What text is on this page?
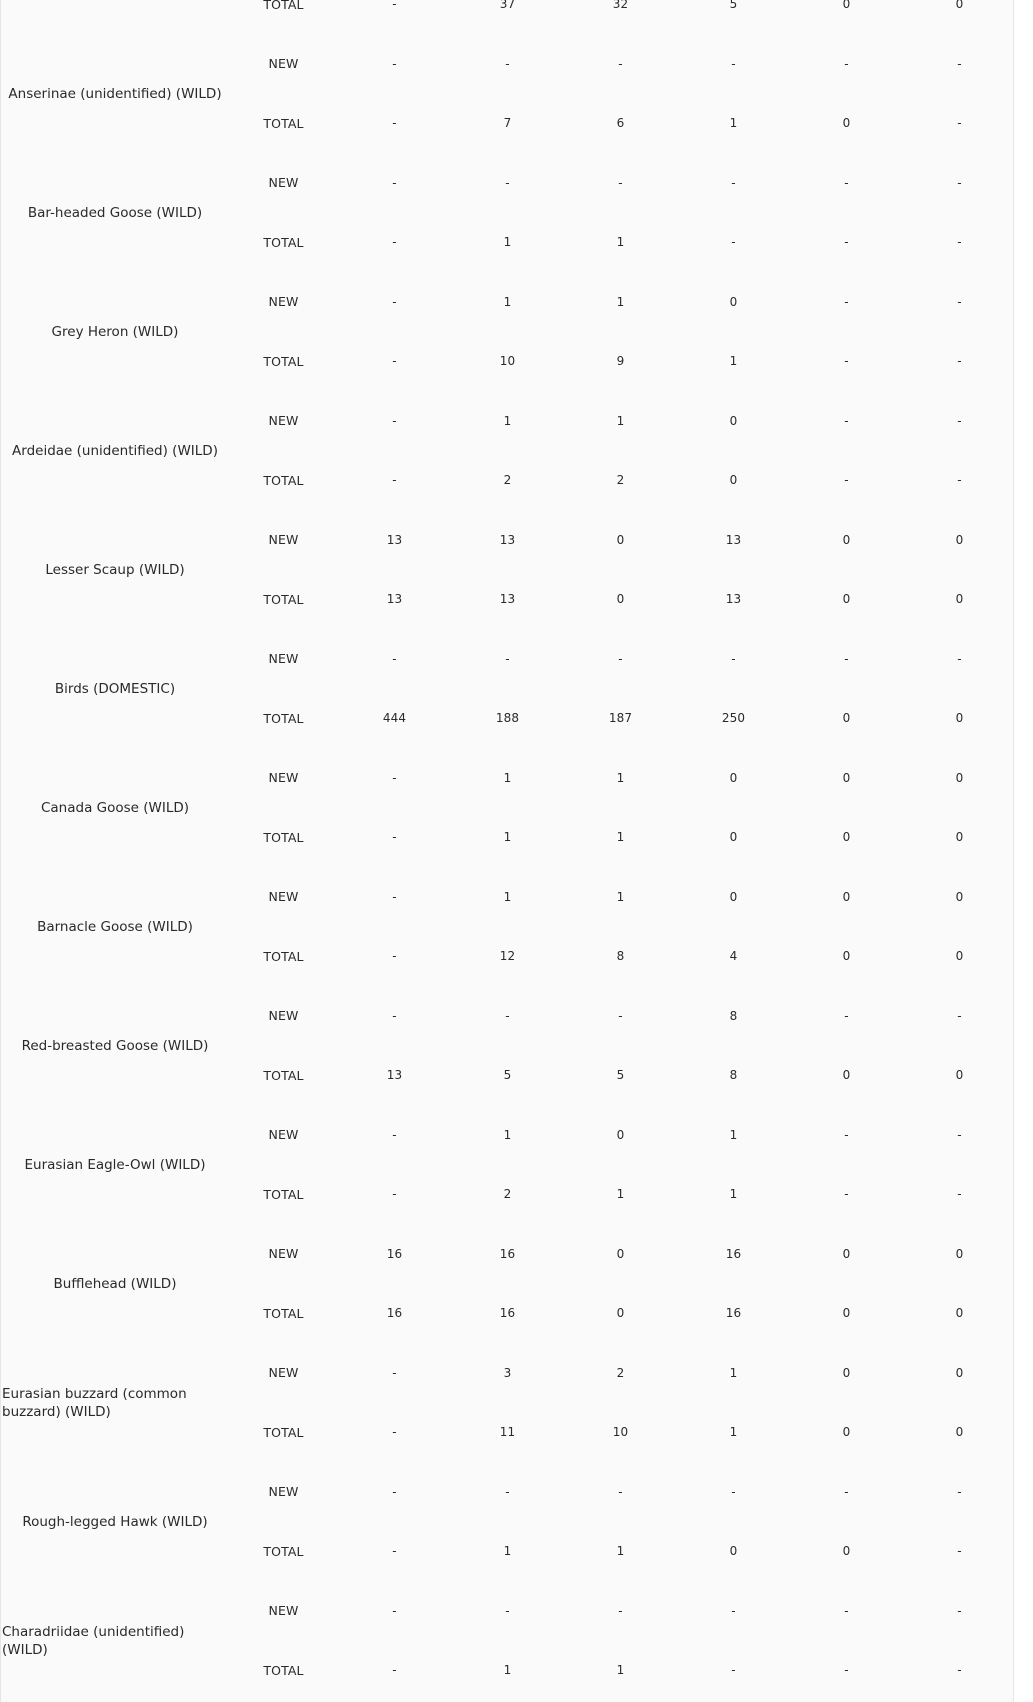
	TOTAL	-	37	32	5	0	0
Anserinae (unidentified) (WILD)	NEW	-	-	-	-	-	-
	TOTAL	-	7	6	1	0	-
Bar-headed Goose (WILD)	NEW	-	-	-	-	-	-
	TOTAL	-	1	1	-	-	-
Grey Heron (WILD)	NEW	-	1	1	0	-	-
	TOTAL	-	10	9	1	-	-
Ardeidae (unidentified) (WILD)	NEW	-	1	1	0	-	-
	TOTAL	-	2	2	0	-	-
Lesser Scaup (WILD)	NEW	13	13	0	13	0	0
	TOTAL	13	13	0	13	0	0
Birds (DOMESTIC)	NEW	-	-	-	-	-	-
	TOTAL	444	188	187	250	0	0
Canada Goose (WILD)	NEW	-	1	1	0	0	0
	TOTAL	-	1	1	0	0	0
Barnacle Goose (WILD)	NEW	-	1	1	0	0	0
	TOTAL	-	12	8	4	0	0
Red-breasted Goose (WILD)	NEW	-	-	-	8	-	-
	TOTAL	13	5	5	8	0	0
Eurasian Eagle-Owl (WILD)	NEW	-	1	0	1	-	-
	TOTAL	-	2	1	1	-	-
Bufflehead (WILD)	NEW	16	16	0	16	0	0
	TOTAL	16	16	0	16	0	0
Eurasian buzzard (common buzzard) (WILD)	NEW	-	3	2	1	0	0
	TOTAL	-	11	10	1	0	0
Rough-legged Hawk (WILD)	NEW	-	-	-	-	-	-
	TOTAL	-	1	1	0	0	-
Charadriidae (unidentified) (WILD)	NEW	-	-	-	-	-	-
	TOTAL	-	1	1	-	-	-
